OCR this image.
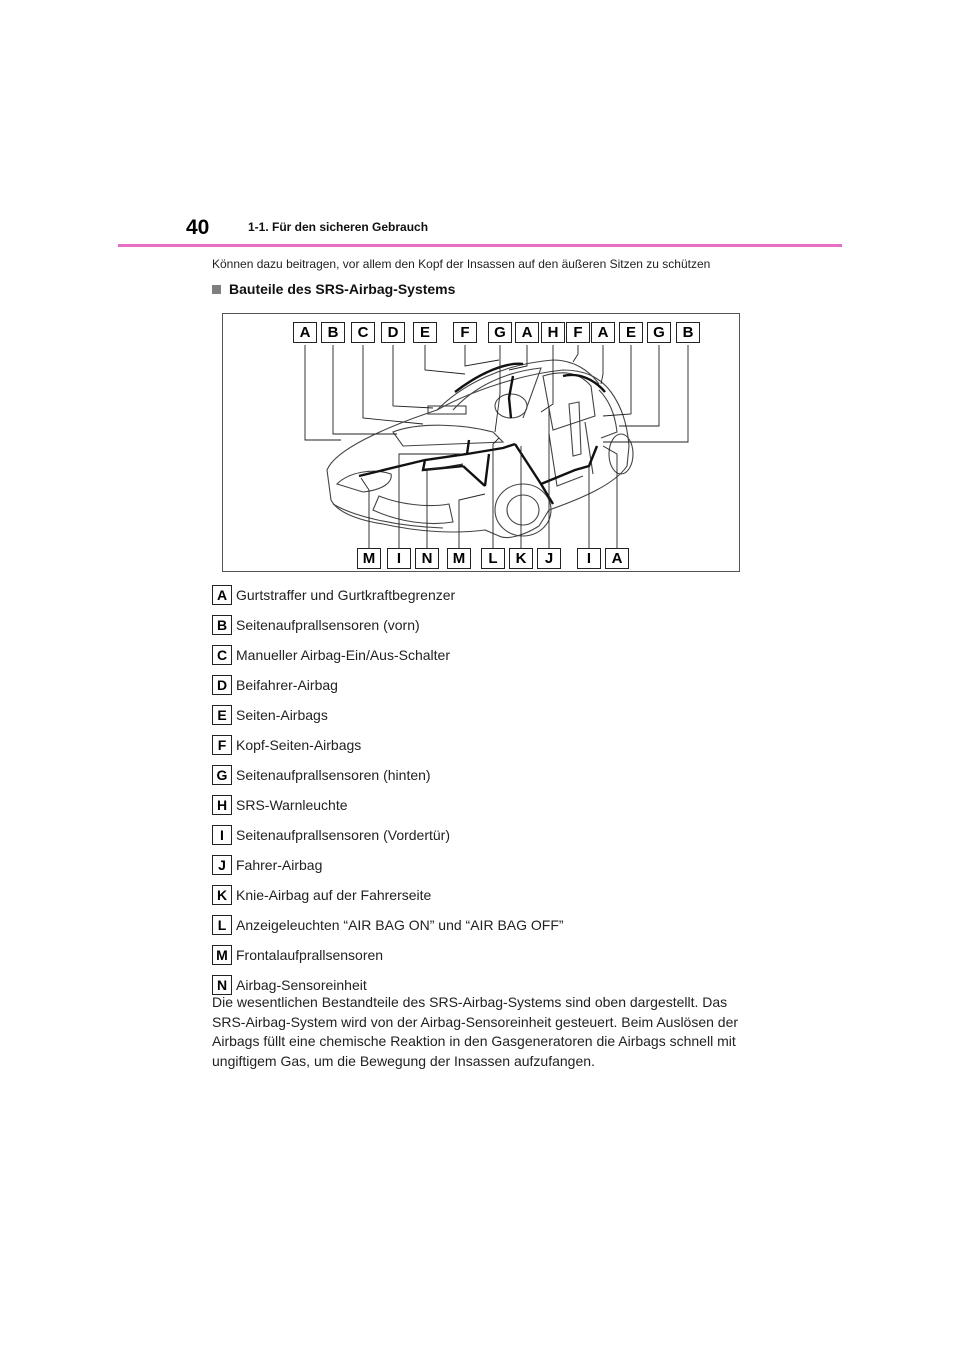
40	1-1. Für den sicheren Gebrauch
Können dazu beitragen, vor allem den Kopf der Insassen auf den äußeren Sitzen zu schützen
Bauteile des SRS-Airbag-Systems
A	B	C	D	E	F	G	A	H F	A	E	G	B
M	I	N	M	L	K	J	I	A
A Gurtstraffer und Gurtkraftbegrenzer
B Seitenaufprallsensoren (vorn)
C Manueller Airbag-Ein/Aus-Schalter
D Beifahrer-Airbag
E Seiten-Airbags
F Kopf-Seiten-Airbags
G Seitenaufprallsensoren (hinten)
H SRS-Warnleuchte
I Seitenaufprallsensoren (Vordertür)
J Fahrer-Airbag
K Knie-Airbag auf der Fahrerseite
L Anzeigeleuchten “AIR BAG ON” und “AIR BAG OFF”
M Frontalaufprallsensoren
N Airbag-Sensoreinheit

Die wesentlichen Bestandteile des SRS-Airbag-Systems sind oben dargestellt. Das SRS-Airbag-System wird von der Airbag-Sensoreinheit gesteuert. Beim Auslösen der Airbags füllt eine chemische Reaktion in den Gasgeneratoren die Airbags schnell mit ungiftigem Gas, um die Bewegung der Insassen aufzufangen.
